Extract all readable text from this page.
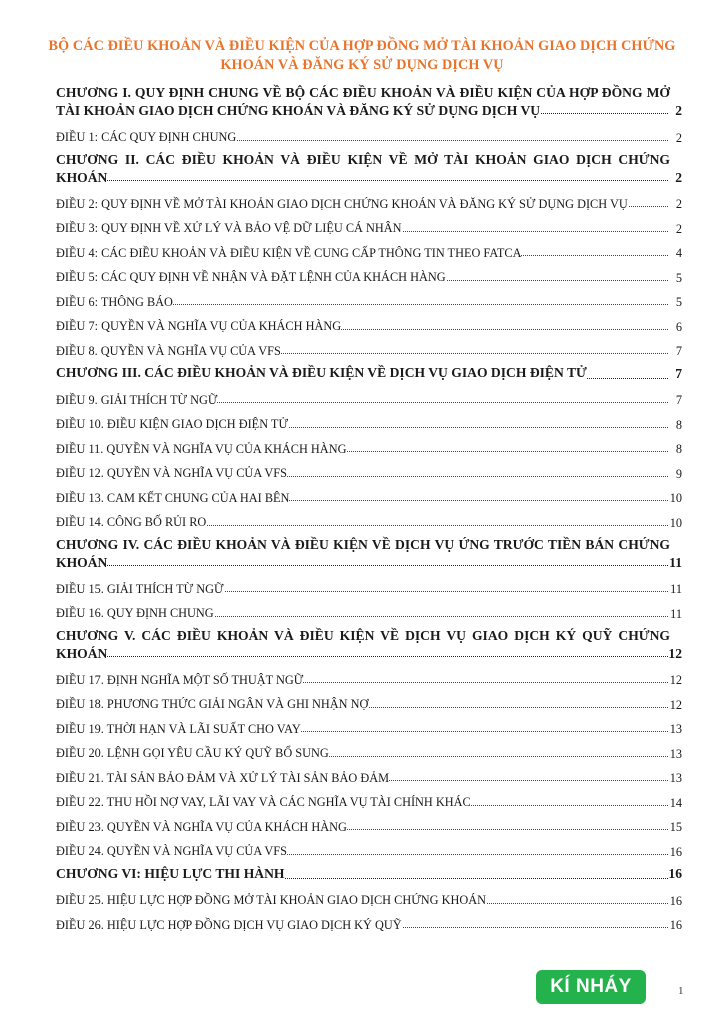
BỘ CÁC ĐIỀU KHOẢN VÀ ĐIỀU KIỆN CỦA HỢP ĐỒNG MỞ TÀI KHOẢN GIAO DỊCH CHỨNG KHOÁN VÀ ĐĂNG KÝ SỬ DỤNG DỊCH VỤ
CHƯƠNG I. QUY ĐỊNH CHUNG VỀ BỘ CÁC ĐIỀU KHOẢN VÀ ĐIỀU KIỆN CỦA HỢP ĐỒNG MỞ TÀI KHOẢN GIAO DỊCH CHỨNG KHOÁN VÀ ĐĂNG KÝ SỬ DỤNG DỊCH VỤ	2
ĐIỀU 1: CÁC QUY ĐỊNH CHUNG	2
CHƯƠNG II. CÁC ĐIỀU KHOẢN VÀ ĐIỀU KIỆN VỀ MỞ TÀI KHOẢN GIAO DỊCH CHỨNG KHOÁN	2
ĐIỀU 2: QUY ĐỊNH VỀ MỞ TÀI KHOẢN GIAO DỊCH CHỨNG KHOÁN VÀ ĐĂNG KÝ SỬ DỤNG DỊCH VỤ	2
ĐIỀU 3: QUY ĐỊNH VỀ XỬ LÝ VÀ BẢO VỆ DỮ LIỆU CÁ NHÂN	2
ĐIỀU 4: CÁC ĐIỀU KHOẢN VÀ ĐIỀU KIỆN VỀ CUNG CẤP THÔNG TIN THEO FATCA	4
ĐIỀU 5: CÁC QUY ĐỊNH VỀ NHẬN VÀ ĐẶT LỆNH CỦA KHÁCH HÀNG	5
ĐIỀU 6: THÔNG BÁO	5
ĐIỀU 7: QUYỀN VÀ NGHĨA VỤ CỦA KHÁCH HÀNG	6
ĐIỀU 8. QUYỀN VÀ NGHĨA VỤ CỦA VFS	7
CHƯƠNG III. CÁC ĐIỀU KHOẢN VÀ ĐIỀU KIỆN VỀ DỊCH VỤ GIAO DỊCH ĐIỆN TỬ	7
ĐIỀU 9. GIẢI THÍCH TỪ NGỮ	7
ĐIỀU 10. ĐIỀU KIỆN GIAO DỊCH ĐIỆN TỬ	8
ĐIỀU 11. QUYỀN VÀ NGHĨA VỤ CỦA KHÁCH HÀNG	8
ĐIỀU 12. QUYỀN VÀ NGHĨA VỤ CỦA VFS	9
ĐIỀU 13. CAM KẾT CHUNG CỦA HAI BÊN	10
ĐIỀU 14. CÔNG BỐ RỦI RO	10
CHƯƠNG IV. CÁC ĐIỀU KHOẢN VÀ ĐIỀU KIỆN VỀ DỊCH VỤ ỨNG TRƯỚC TIỀN BÁN CHỨNG KHOÁN	11
ĐIỀU 15. GIẢI THÍCH TỪ NGỮ	11
ĐIỀU 16. QUY ĐỊNH CHUNG	11
CHƯƠNG V. CÁC ĐIỀU KHOẢN VÀ ĐIỀU KIỆN VỀ DỊCH VỤ GIAO DỊCH KÝ QUỸ CHỨNG KHOÁN	12
ĐIỀU 17. ĐỊNH NGHĨA MỘT SỐ THUẬT NGỮ	12
ĐIỀU 18. PHƯƠNG THỨC GIẢI NGÂN VÀ GHI NHẬN NỢ	12
ĐIỀU 19. THỜI HẠN VÀ LÃI SUẤT CHO VAY	13
ĐIỀU 20. LỆNH GỌI YÊU CẦU KÝ QUỸ BỔ SUNG	13
ĐIỀU 21. TÀI SẢN BẢO ĐẢM VÀ XỬ LÝ TÀI SẢN BẢO ĐẢM	13
ĐIỀU 22. THU HỒI NỢ VAY, LÃI VAY VÀ CÁC NGHĨA VỤ TÀI CHÍNH KHÁC	14
ĐIỀU 23. QUYỀN VÀ NGHĨA VỤ CỦA KHÁCH HÀNG	15
ĐIỀU 24. QUYỀN VÀ NGHĨA VỤ CỦA VFS	16
CHƯƠNG VI: HIỆU LỰC THI HÀNH	16
ĐIỀU 25. HIỆU LỰC HỢP ĐỒNG MỞ TÀI KHOẢN GIAO DỊCH CHỨNG KHOÁN	16
ĐIỀU 26. HIỆU LỰC HỢP ĐỒNG DỊCH VỤ GIAO DỊCH KÝ QUỸ	16
KÍ NHÁY	1
